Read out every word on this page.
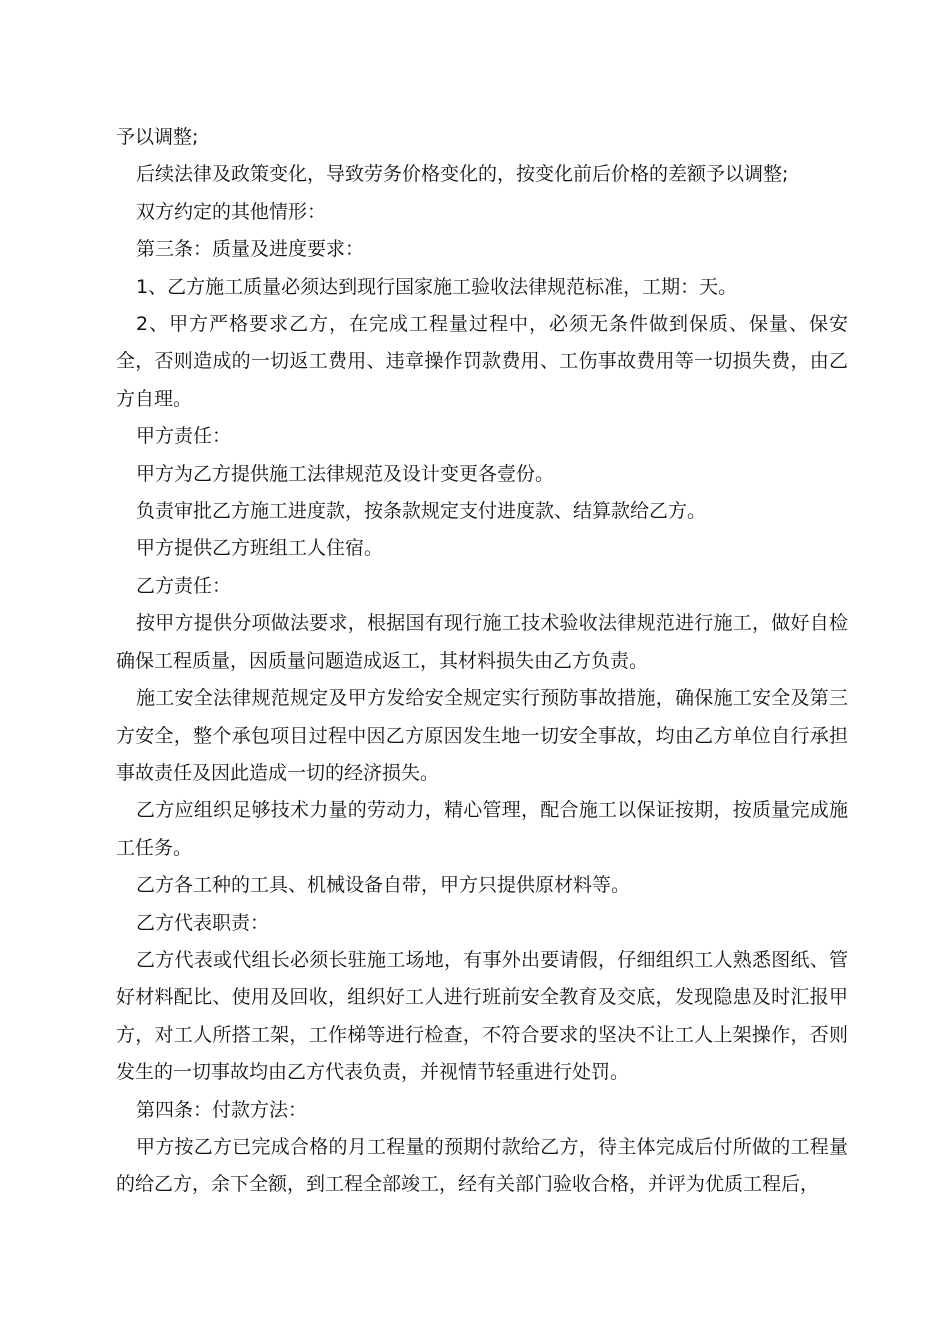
予以调整;

后续法律及政策变化，导致劳务价格变化的，按变化前后价格的差额予以调整;

双方约定的其他情形：

第三条：质量及进度要求：

1、乙方施工质量必须达到现行国家施工验收法律规范标准，工期：天。

2、甲方严格要求乙方，在完成工程量过程中，必须无条件做到保质、保量、保安全，否则造成的一切返工费用、违章操作罚款费用、工伤事故费用等一切损失费，由乙方自理。

甲方责任：

甲方为乙方提供施工法律规范及设计变更各壹份。

负责审批乙方施工进度款，按条款规定支付进度款、结算款给乙方。

甲方提供乙方班组工人住宿。

乙方责任：

按甲方提供分项做法要求，根据国有现行施工技术验收法律规范进行施工，做好自检确保工程质量，因质量问题造成返工，其材料损失由乙方负责。

施工安全法律规范规定及甲方发给安全规定实行预防事故措施，确保施工安全及第三方安全，整个承包项目过程中因乙方原因发生地一切安全事故，均由乙方单位自行承担事故责任及因此造成一切的经济损失。

乙方应组织足够技术力量的劳动力，精心管理，配合施工以保证按期，按质量完成施工任务。

乙方各工种的工具、机械设备自带，甲方只提供原材料等。

乙方代表职责：

乙方代表或代组长必须长驻施工场地，有事外出要请假，仔细组织工人熟悉图纸、管好材料配比、使用及回收，组织好工人进行班前安全教育及交底，发现隐患及时汇报甲方，对工人所搭工架，工作梯等进行检查，不符合要求的坚决不让工人上架操作，否则发生的一切事故均由乙方代表负责，并视情节轻重进行处罚。

第四条：付款方法：

甲方按乙方已完成合格的月工程量的预期付款给乙方，待主体完成后付所做的工程量的给乙方，余下全额，到工程全部竣工，经有关部门验收合格，并评为优质工程后，
